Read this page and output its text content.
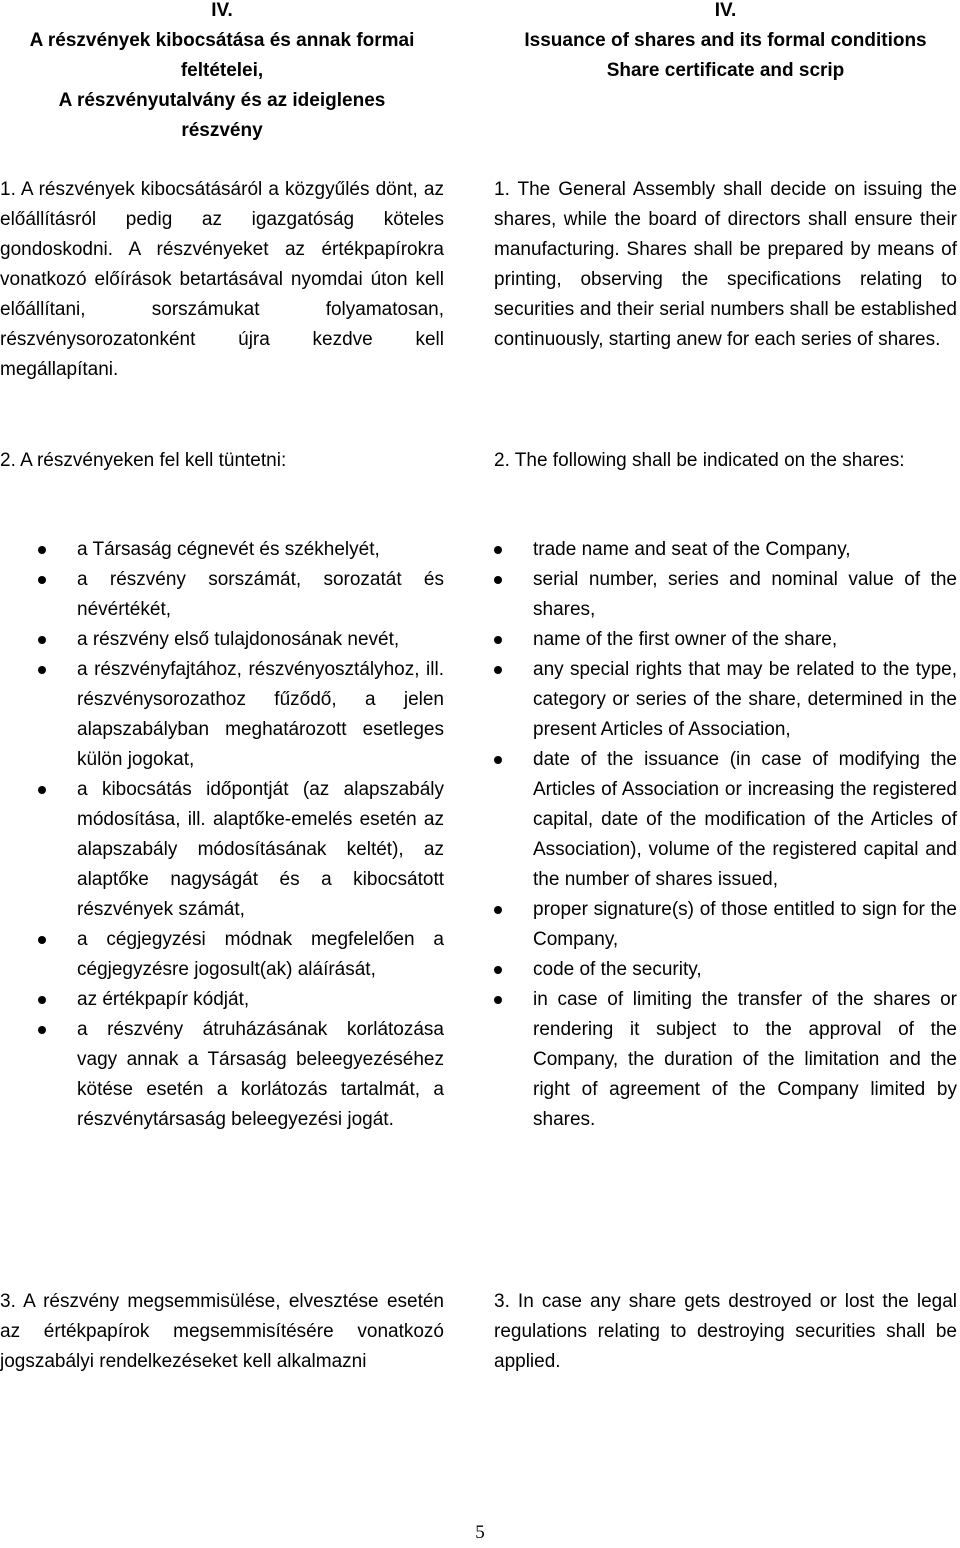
IV.
A részvények kibocsátása és annak formai
feltételei,
A részvényutalvány és az ideiglenes
részvény

1. A részvények kibocsátásáról a közgyűlés dönt, az előállításról pedig az igazgatóság köteles gondoskodni. A részvényeket az értékpapírokra vonatkozó előírások betartásával nyomdai úton kell előállítani, sorszámukat folyamatosan, részvénysorozatonként újra kezdve kell megállapítani.

2. A részvényeken fel kell tüntetni:

a Társaság cégnevét és székhelyét,
a részvény sorszámát, sorozatát és névértékét,
a részvény első tulajdonosának nevét,
a részvényfajtához, részvényosztályhoz, ill. részvénysorozathoz fűződő, a jelen alapszabályban meghatározott esetleges külön jogokat,
a kibocsátás időpontját (az alapszabály módosítása, ill. alaptőke-emelés esetén az alapszabály módosításának keltét), az alaptőke nagyságát és a kibocsátott részvények számát,
a cégjegyzési módnak megfelelően a cégjegyzésre jogosult(ak) aláírását,
az értékpapír kódját,
a részvény átruházásának korlátozása vagy annak a Társaság beleegyezéséhez kötése esetén a korlátozás tartalmát, a részvénytársaság beleegyezési jogát.

3. A részvény megsemmisülése, elvesztése esetén az értékpapírok megsemmisítésére vonatkozó jogszabályi rendelkezéseket kell alkalmazni

IV.
Issuance of shares and its formal conditions
Share certificate and scrip

1. The General Assembly shall decide on issuing the shares, while the board of directors shall ensure their manufacturing. Shares shall be prepared by means of printing, observing the specifications relating to securities and their serial numbers shall be established continuously, starting anew for each series of shares.

2. The following shall be indicated on the shares:

trade name and seat of the Company,
serial number, series and nominal value of the shares,
name of the first owner of the share,
any special rights that may be related to the type, category or series of the share, determined in the present Articles of Association,
date of the issuance (in case of modifying the Articles of Association or increasing the registered capital, date of the modification of the Articles of Association), volume of the registered capital and the number of shares issued,
proper signature(s) of those entitled to sign for the Company,
code of the security,
in case of limiting the transfer of the shares or rendering it subject to the approval of the Company, the duration of the limitation and the right of agreement of the Company limited by shares.

3. In case any share gets destroyed or lost the legal regulations relating to destroying securities shall be applied.

5
